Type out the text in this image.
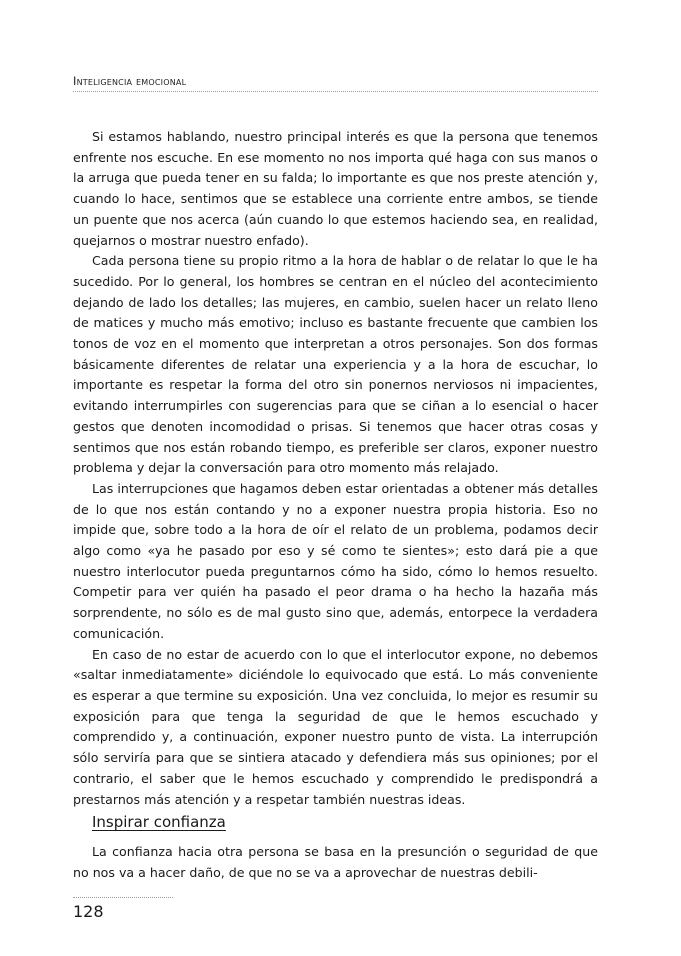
Inteligencia emocional

Si estamos hablando, nuestro principal interés es que la persona que tenemos enfrente nos escuche. En ese momento no nos importa qué haga con sus manos o la arruga que pueda tener en su falda; lo importante es que nos preste atención y, cuando lo hace, sentimos que se establece una corriente entre ambos, se tiende un puente que nos acerca (aún cuando lo que estemos haciendo sea, en realidad, quejarnos o mostrar nuestro enfado).

Cada persona tiene su propio ritmo a la hora de hablar o de relatar lo que le ha sucedido. Por lo general, los hombres se centran en el núcleo del acontecimiento dejando de lado los detalles; las mujeres, en cambio, suelen hacer un relato lleno de matices y mucho más emotivo; incluso es bastante frecuente que cambien los tonos de voz en el momento que interpretan a otros personajes. Son dos formas básicamente diferentes de relatar una experiencia y a la hora de escuchar, lo importante es respetar la forma del otro sin ponernos nerviosos ni impacientes, evitando interrumpirles con sugerencias para que se ciñan a lo esencial o hacer gestos que denoten incomodidad o prisas. Si tenemos que hacer otras cosas y sentimos que nos están robando tiempo, es preferible ser claros, exponer nuestro problema y dejar la conversación para otro momento más relajado.

Las interrupciones que hagamos deben estar orientadas a obtener más detalles de lo que nos están contando y no a exponer nuestra propia historia. Eso no impide que, sobre todo a la hora de oír el relato de un problema, podamos decir algo como «ya he pasado por eso y sé como te sientes»; esto dará pie a que nuestro interlocutor pueda preguntarnos cómo ha sido, cómo lo hemos resuelto. Competir para ver quién ha pasado el peor drama o ha hecho la hazaña más sorprendente, no sólo es de mal gusto sino que, además, entorpece la verdadera comunicación.

En caso de no estar de acuerdo con lo que el interlocutor expone, no debemos «saltar inmediatamente» diciéndole lo equivocado que está. Lo más conveniente es esperar a que termine su exposición. Una vez concluida, lo mejor es resumir su exposición para que tenga la seguridad de que le hemos escuchado y comprendido y, a continuación, exponer nuestro punto de vista. La interrupción sólo serviría para que se sintiera atacado y defendiera más sus opiniones; por el contrario, el saber que le hemos escuchado y comprendido le predispondrá a prestarnos más atención y a respetar también nuestras ideas.

Inspirar confianza

La confianza hacia otra persona se basa en la presunción o seguridad de que no nos va a hacer daño, de que no se va a aprovechar de nuestras debili-

128
